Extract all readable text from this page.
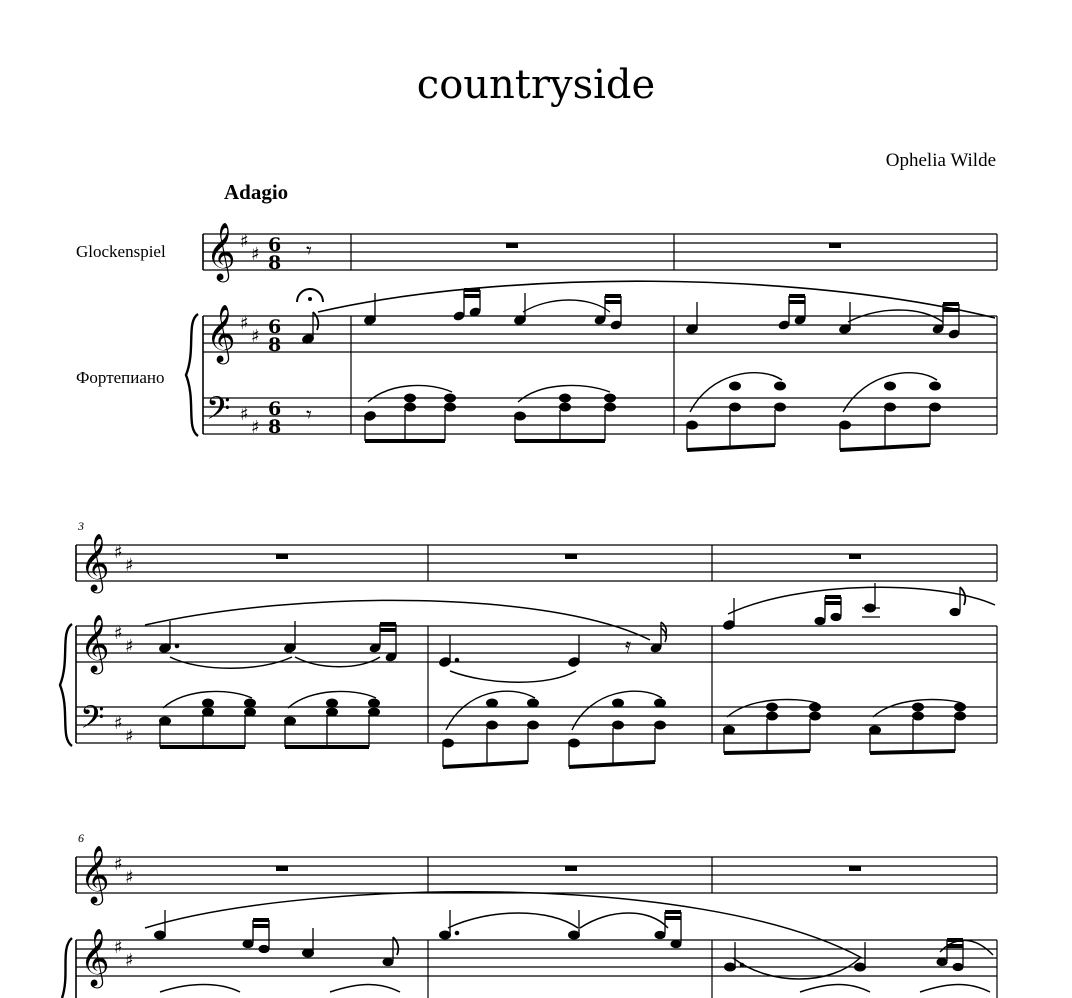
countryside
Ophelia Wilde
Adagio
Glockenspiel
Фортепиано
𝄞
𝄞
𝄢
♯
♯
♯
♯
♯
♯
6
8
6
8
6
8
𝄾
𝄾
3
𝄞
𝄞
𝄢
♯
♯
♯
♯
♯
♯
𝄿
6
𝄞
𝄞
♯
♯
♯
♯
